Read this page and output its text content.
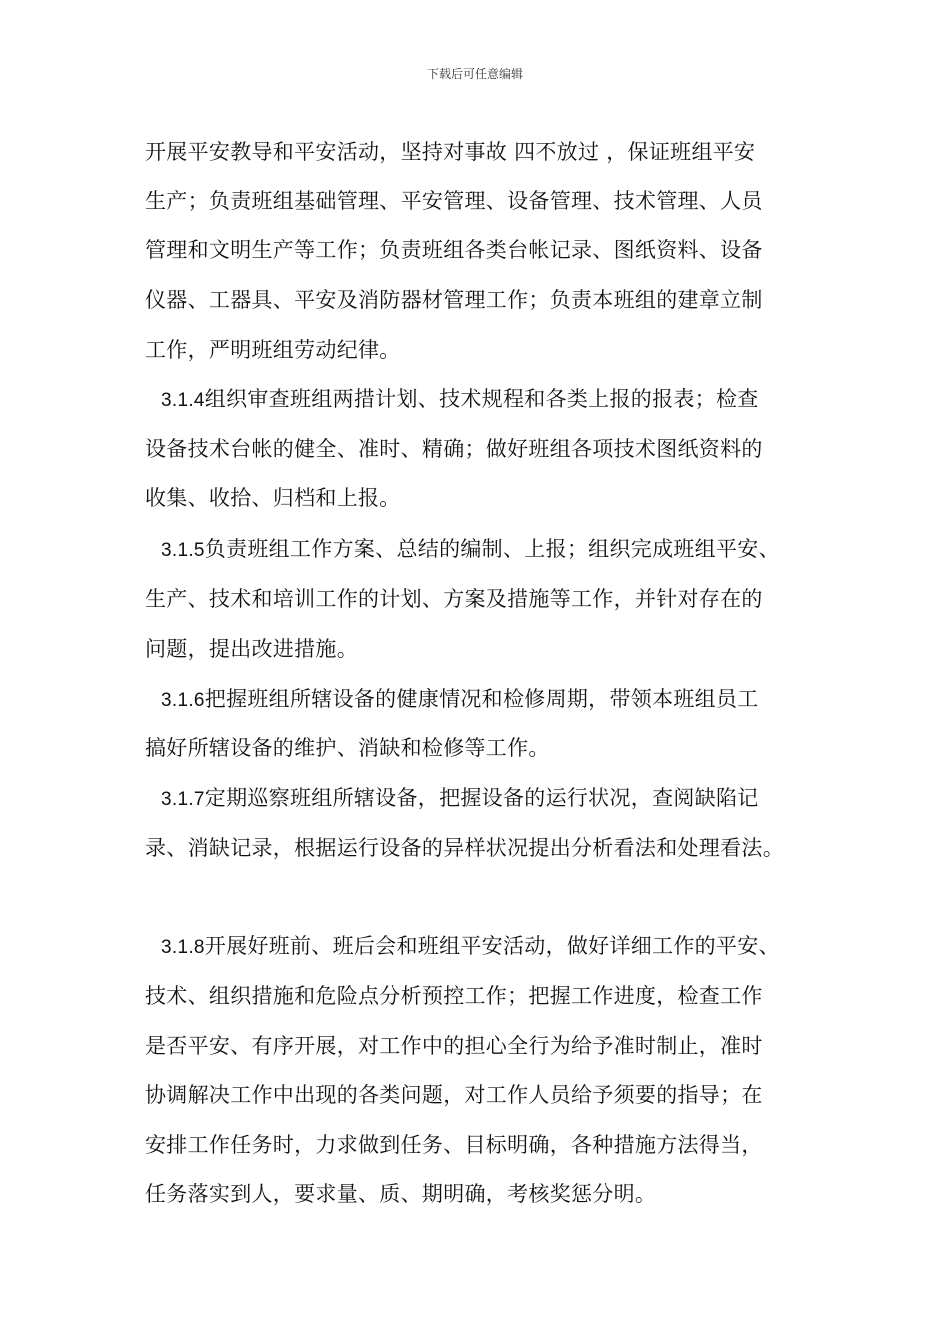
下载后可任意编辑
开展平安教导和平安活动，坚持对事故 四不放过 ，保证班组平安
生产；负责班组基础管理、平安管理、设备管理、技术管理、人员
管理和文明生产等工作；负责班组各类台帐记录、图纸资料、设备
仪器、工器具、平安及消防器材管理工作；负责本班组的建章立制
工作，严明班组劳动纪律。
3.1.4组织审查班组两措计划、技术规程和各类上报的报表；检查
设备技术台帐的健全、准时、精确；做好班组各项技术图纸资料的
收集、收拾、归档和上报。
3.1.5负责班组工作方案、总结的编制、上报；组织完成班组平安、
生产、技术和培训工作的计划、方案及措施等工作，并针对存在的
问题，提出改进措施。
3.1.6把握班组所辖设备的健康情况和检修周期，带领本班组员工
搞好所辖设备的维护、消缺和检修等工作。
3.1.7定期巡察班组所辖设备，把握设备的运行状况，查阅缺陷记
录、消缺记录，根据运行设备的异样状况提出分析看法和处理看法。
3.1.8开展好班前、班后会和班组平安活动，做好详细工作的平安、
技术、组织措施和危险点分析预控工作；把握工作进度，检查工作
是否平安、有序开展，对工作中的担心全行为给予准时制止，准时
协调解决工作中出现的各类问题，对工作人员给予须要的指导；在
安排工作任务时，力求做到任务、目标明确，各种措施方法得当，
任务落实到人，要求量、质、期明确，考核奖惩分明。
